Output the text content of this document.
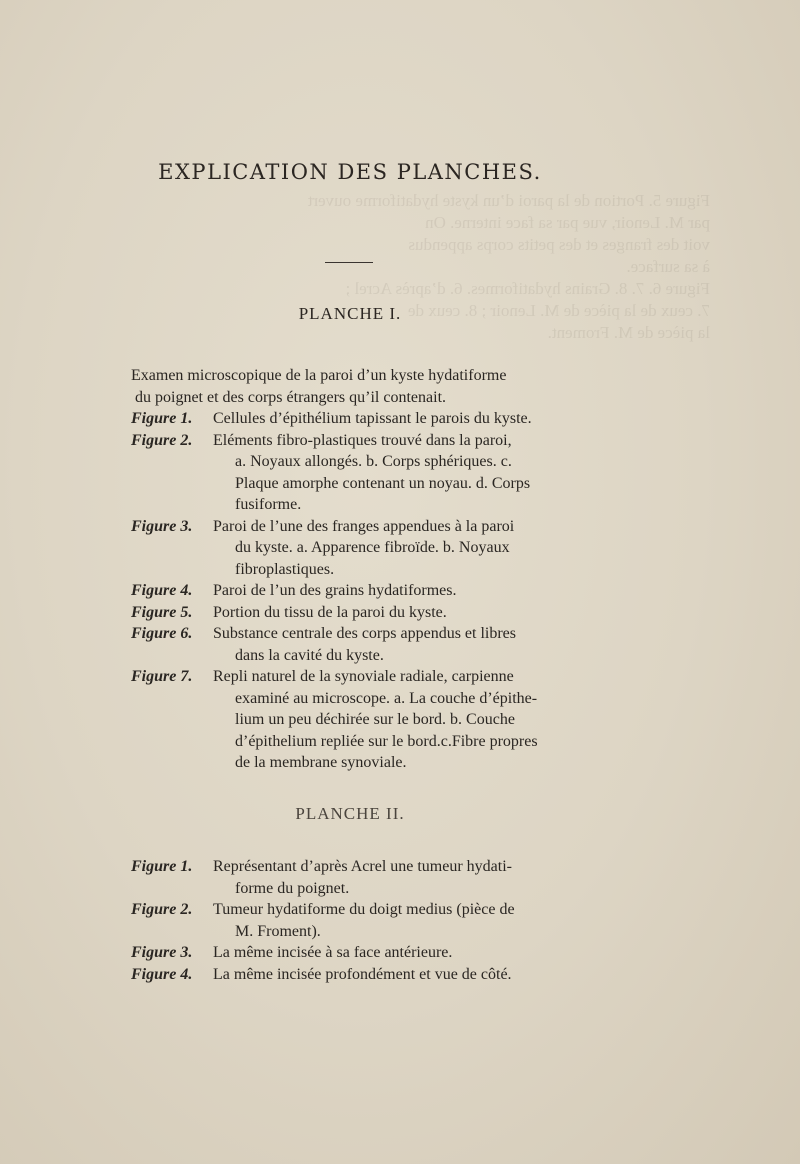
Figure 5. Portion de la paroi d’un kyste hydatiforme ouvert
par M. Lenoir, vue par sa face interne. On
voit des franges et des petits corps appendus
à sa surface.
Figure 6. 7. 8. Grains hydatiformes. 6. d’après Acrel ;
7. ceux de la pièce de M. Lenoir ; 8. ceux de
la pièce de M. Froment.
EXPLICATION DES PLANCHES.
PLANCHE I.
Examen microscopique de la paroi d’un kyste hydatiforme
du poignet et des corps étrangers qu’il contenait.
Figure 1.	Cellules d’épithélium tapissant le parois du kyste.
Figure 2.	Eléments fibro-plastiques trouvé dans la paroi,
a. Noyaux allongés. b. Corps sphériques. c.
Plaque amorphe contenant un noyau. d. Corps
fusiforme.
Figure 3.	Paroi de l’une des franges appendues à la paroi
du kyste. a. Apparence fibroïde. b. Noyaux
fibroplastiques.
Figure 4.	Paroi de l’un des grains hydatiformes.
Figure 5.	Portion du tissu de la paroi du kyste.
Figure 6.	Substance centrale des corps appendus et libres
dans la cavité du kyste.
Figure 7.	Repli naturel de la synoviale radiale, carpienne
examiné au microscope. a. La couche d’épithe-
lium un peu déchirée sur le bord. b. Couche
d’épithelium repliée sur le bord.c.Fibre propres
de la membrane synoviale.
PLANCHE II.
Figure 1.	Représentant d’après Acrel une tumeur hydati-
forme du poignet.
Figure 2.	Tumeur hydatiforme du doigt medius (pièce de
M. Froment).
Figure 3.	La même incisée à sa face antérieure.
Figure 4.	La même incisée profondément et vue de côté.
